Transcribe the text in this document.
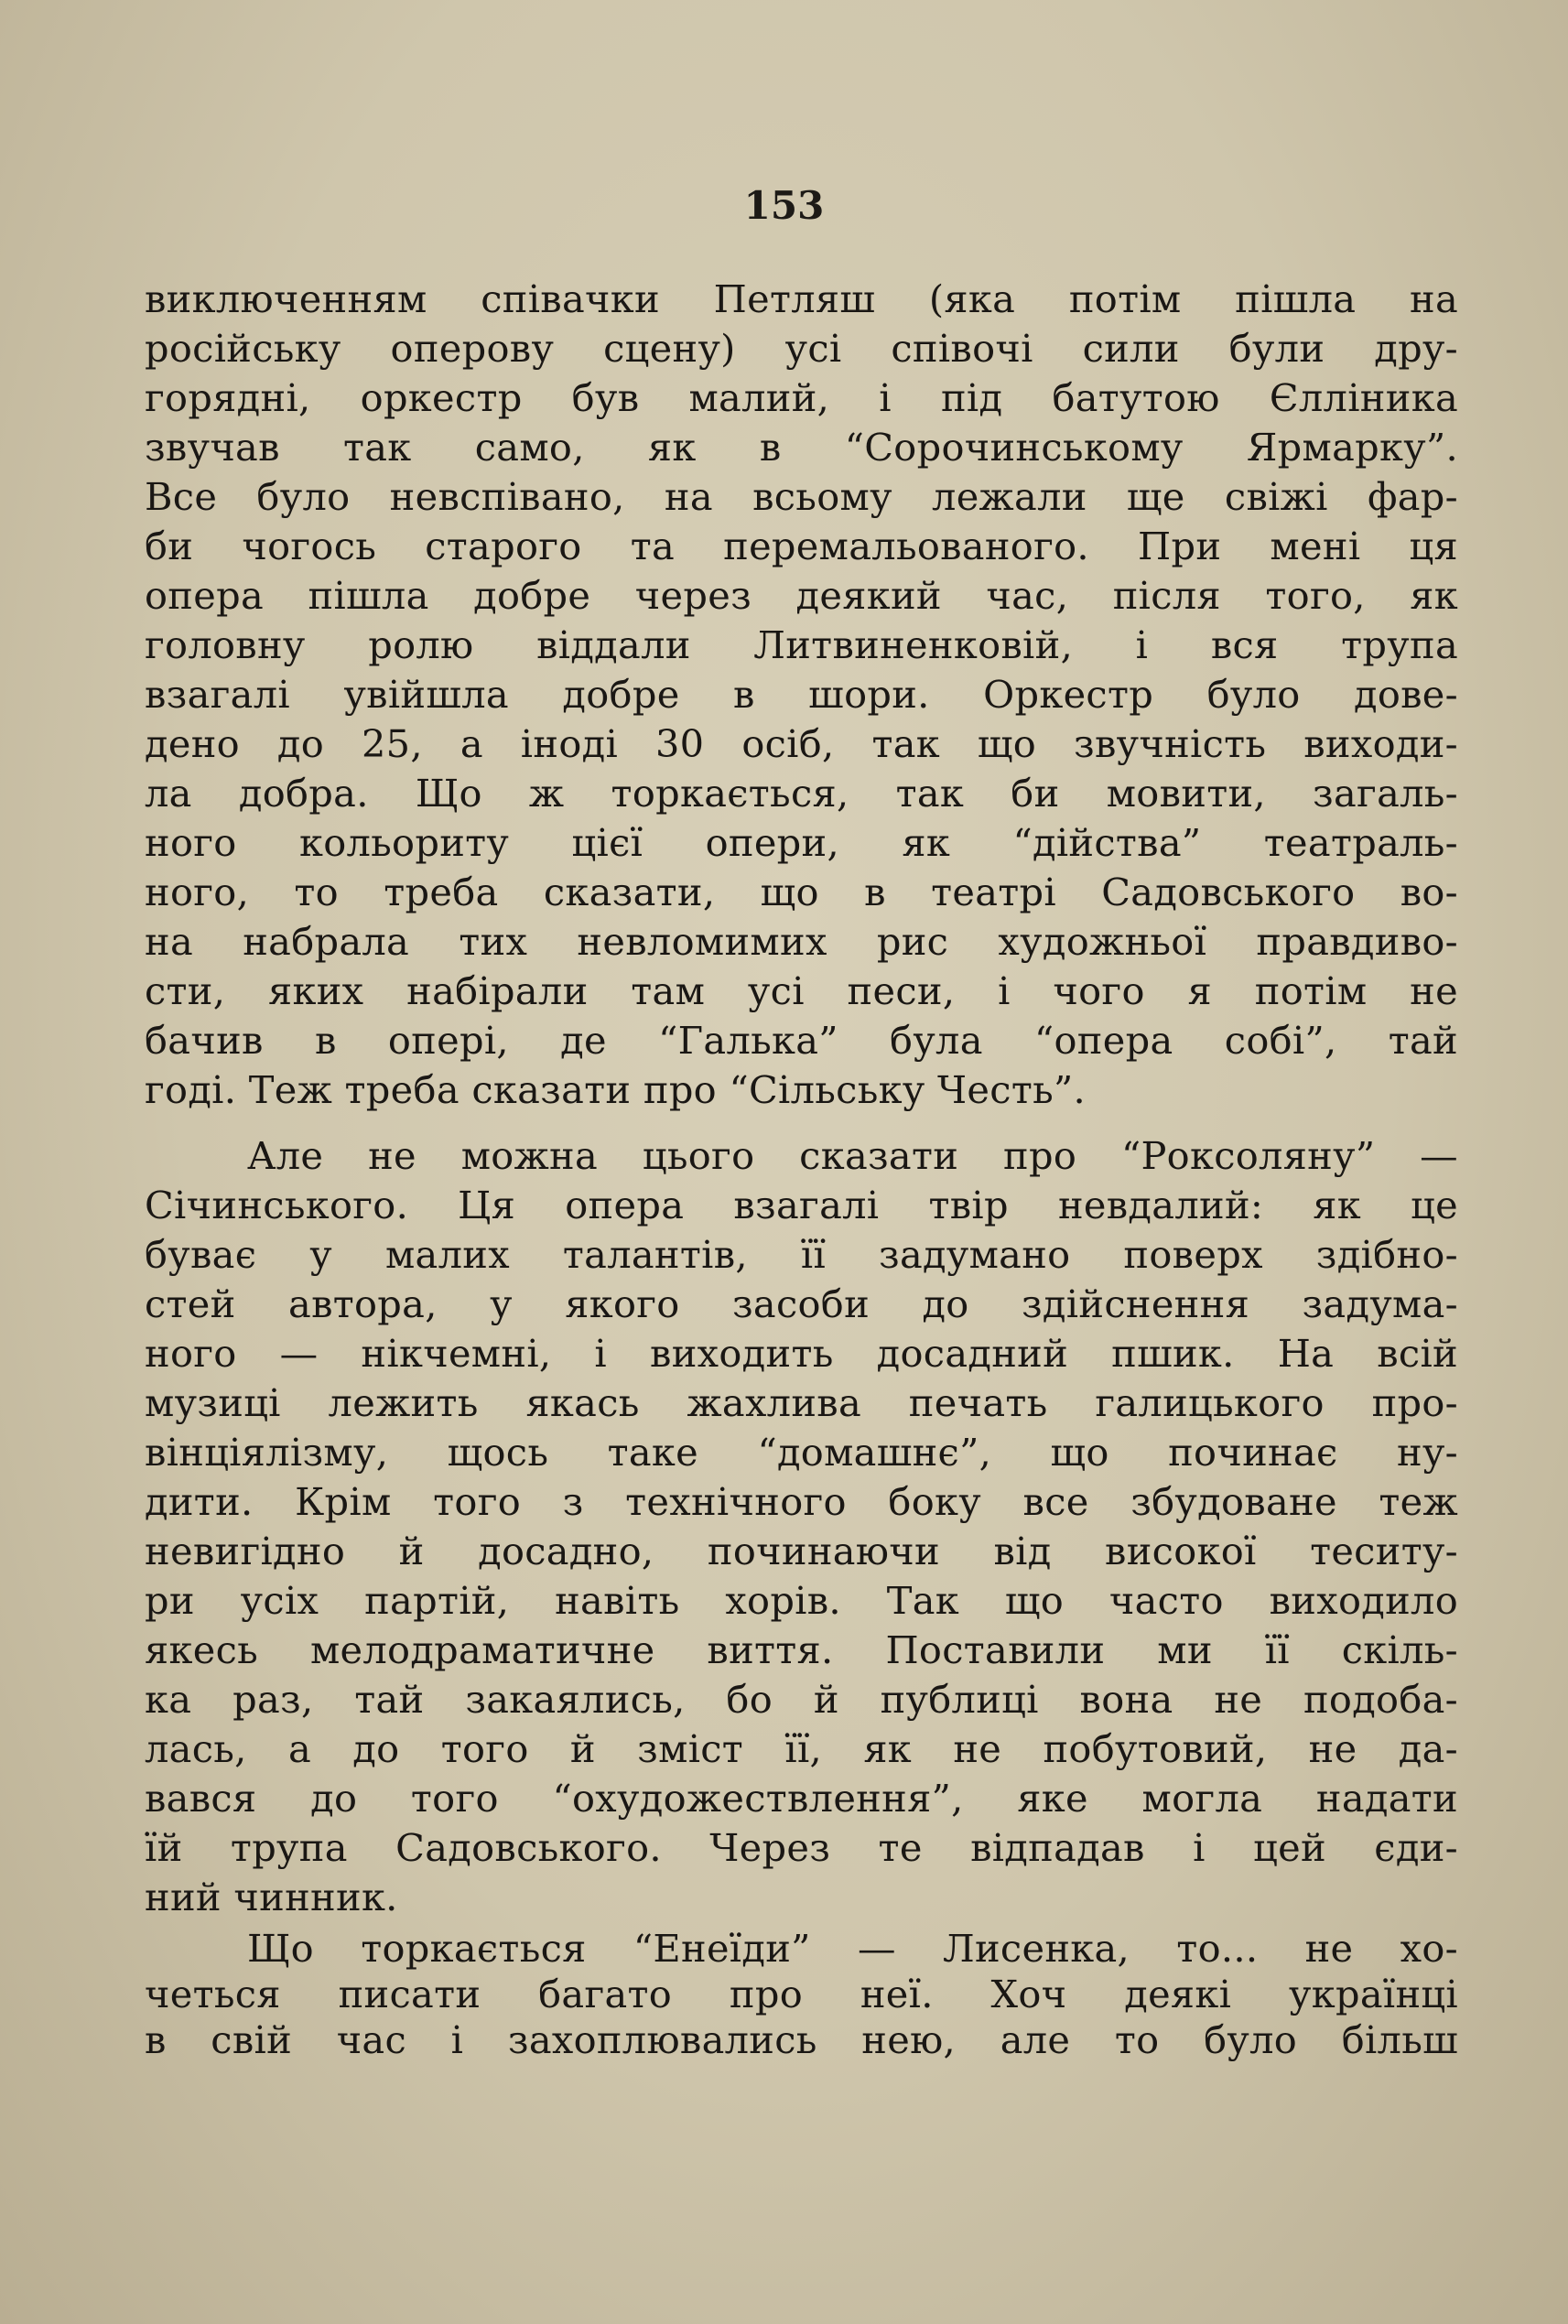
153
виключенням співачки Петляш (яка потім пішла на
російську оперову сцену) усі співочі сили були дру-
горядні, оркестр був малий, і під батутою Єлліника
звучав так само, як в “Сорочинському Ярмарку”.
Все було невспівано, на всьому лежали ще свіжі фар-
би чогось старого та перемальованого. При мені ця
опера пішла добре через деякий час, після того, як
головну ролю віддали Литвиненковій, і вся трупа
взагалі увійшла добре в шори. Оркестр було дове-
дено до 25, а іноді 30 осіб, так що звучність виходи-
ла добра. Що ж торкається, так би мовити, загаль-
ного кольориту цієї опери, як “дійства” театраль-
ного, то треба сказати, що в театрі Садовського во-
на набрала тих невломимих рис художньої правдиво-
сти, яких набірали там усі песи, і чого я потім не
бачив в опері, де “Галька” була “опера собі”, тай
годі. Теж треба сказати про “Сільську Честь”.
Але не можна цього сказати про “Роксоляну” —
Січинського. Ця опера взагалі твір невдалий: як це
буває у малих талантів, її задумано поверх здібно-
стей автора, у якого засоби до здійснення задума-
ного — нікчемні, і виходить досадний пшик. На всій
музиці лежить якась жахлива печать галицького про-
вінціялізму, щось таке “домашнє”, що починає ну-
дити. Крім того з технічного боку все збудоване теж
невигідно й досадно, починаючи від високої теситу-
ри усіх партій, навіть хорів. Так що часто виходило
якесь мелодраматичне виття. Поставили ми її скіль-
ка раз, тай закаялись, бо й публиці вона не подоба-
лась, а до того й зміст її, як не побутовий, не да-
вався до того “охудожествлення”, яке могла надати
їй трупа Садовського. Через те відпадав і цей єди-
ний чинник.
Що торкається “Енеїди” — Лисенка, то... не хо-
четься писати багато про неї. Хоч деякі українці
в свій час і захоплювались нею, але то було більш
